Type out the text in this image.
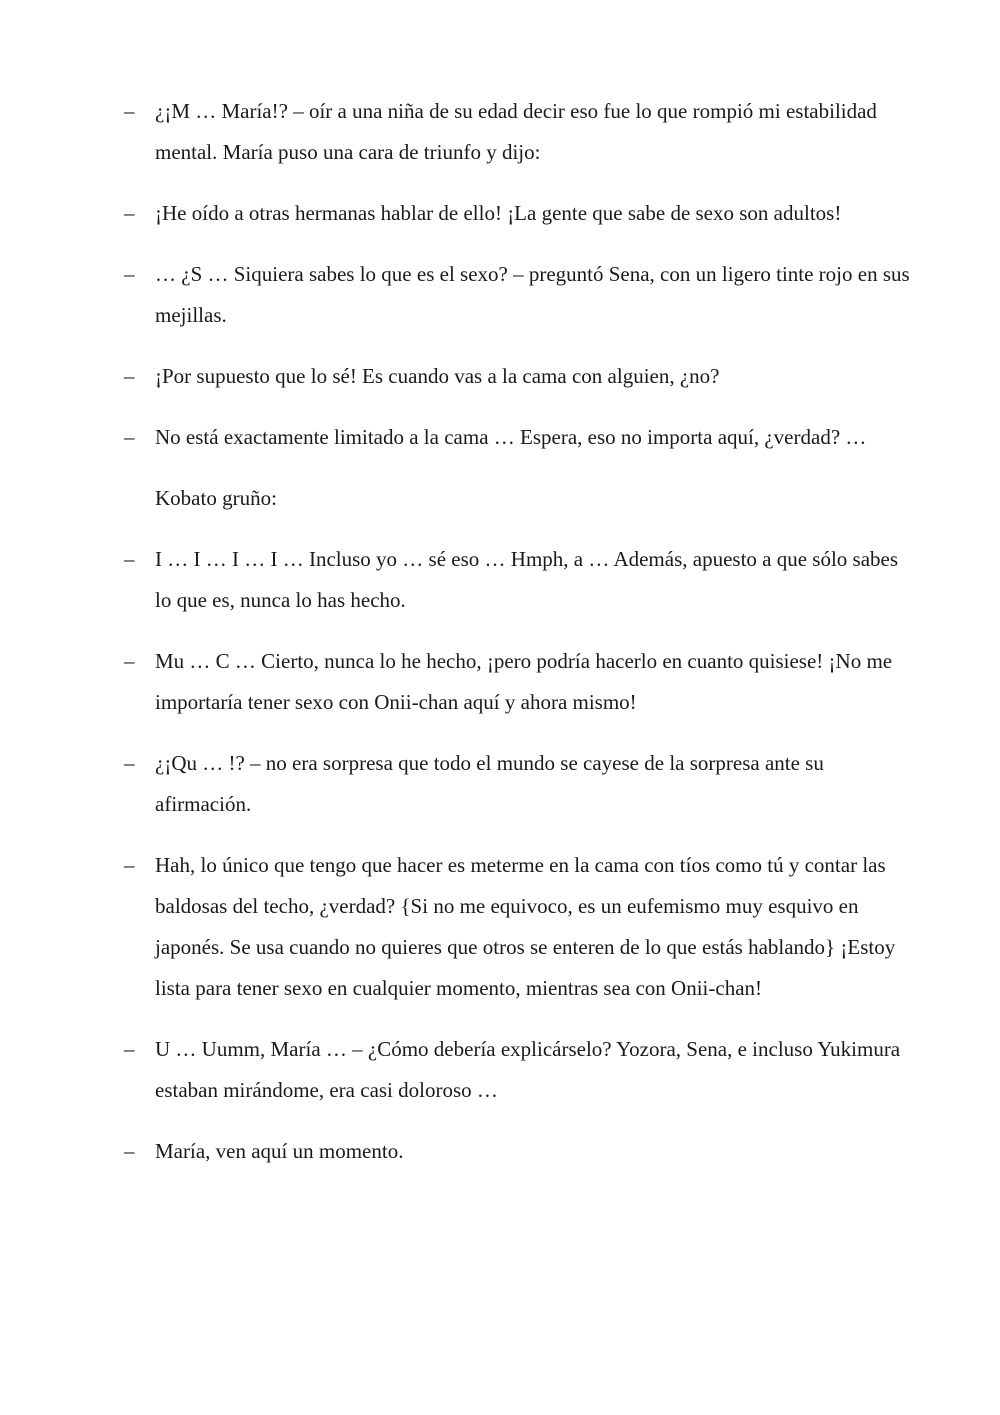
– ¿¡M … María!? – oír a una niña de su edad decir eso fue lo que rompió mi estabilidad mental. María puso una cara de triunfo y dijo:

– ¡He oído a otras hermanas hablar de ello! ¡La gente que sabe de sexo son adultos!

– … ¿S … Siquiera sabes lo que es el sexo? – preguntó Sena, con un ligero tinte rojo en sus mejillas.

– ¡Por supuesto que lo sé! Es cuando vas a la cama con alguien, ¿no?

– No está exactamente limitado a la cama … Espera, eso no importa aquí, ¿verdad? …

Kobato gruño:

– I … I … I … I … Incluso yo … sé eso … Hmph, a … Además, apuesto a que sólo sabes lo que es, nunca lo has hecho.

– Mu … C … Cierto, nunca lo he hecho, ¡pero podría hacerlo en cuanto quisiese! ¡No me importaría tener sexo con Onii-chan aquí y ahora mismo!

– ¿¡Qu … !? – no era sorpresa que todo el mundo se cayese de la sorpresa ante su afirmación.

– Hah, lo único que tengo que hacer es meterme en la cama con tíos como tú y contar las baldosas del techo, ¿verdad? {Si no me equivoco, es un eufemismo muy esquivo en japonés. Se usa cuando no quieres que otros se enteren de lo que estás hablando} ¡Estoy lista para tener sexo en cualquier momento, mientras sea con Onii-chan!

– U … Uumm, María … – ¿Cómo debería explicárselo? Yozora, Sena, e incluso Yukimura estaban mirándome, era casi doloroso …

– María, ven aquí un momento.
